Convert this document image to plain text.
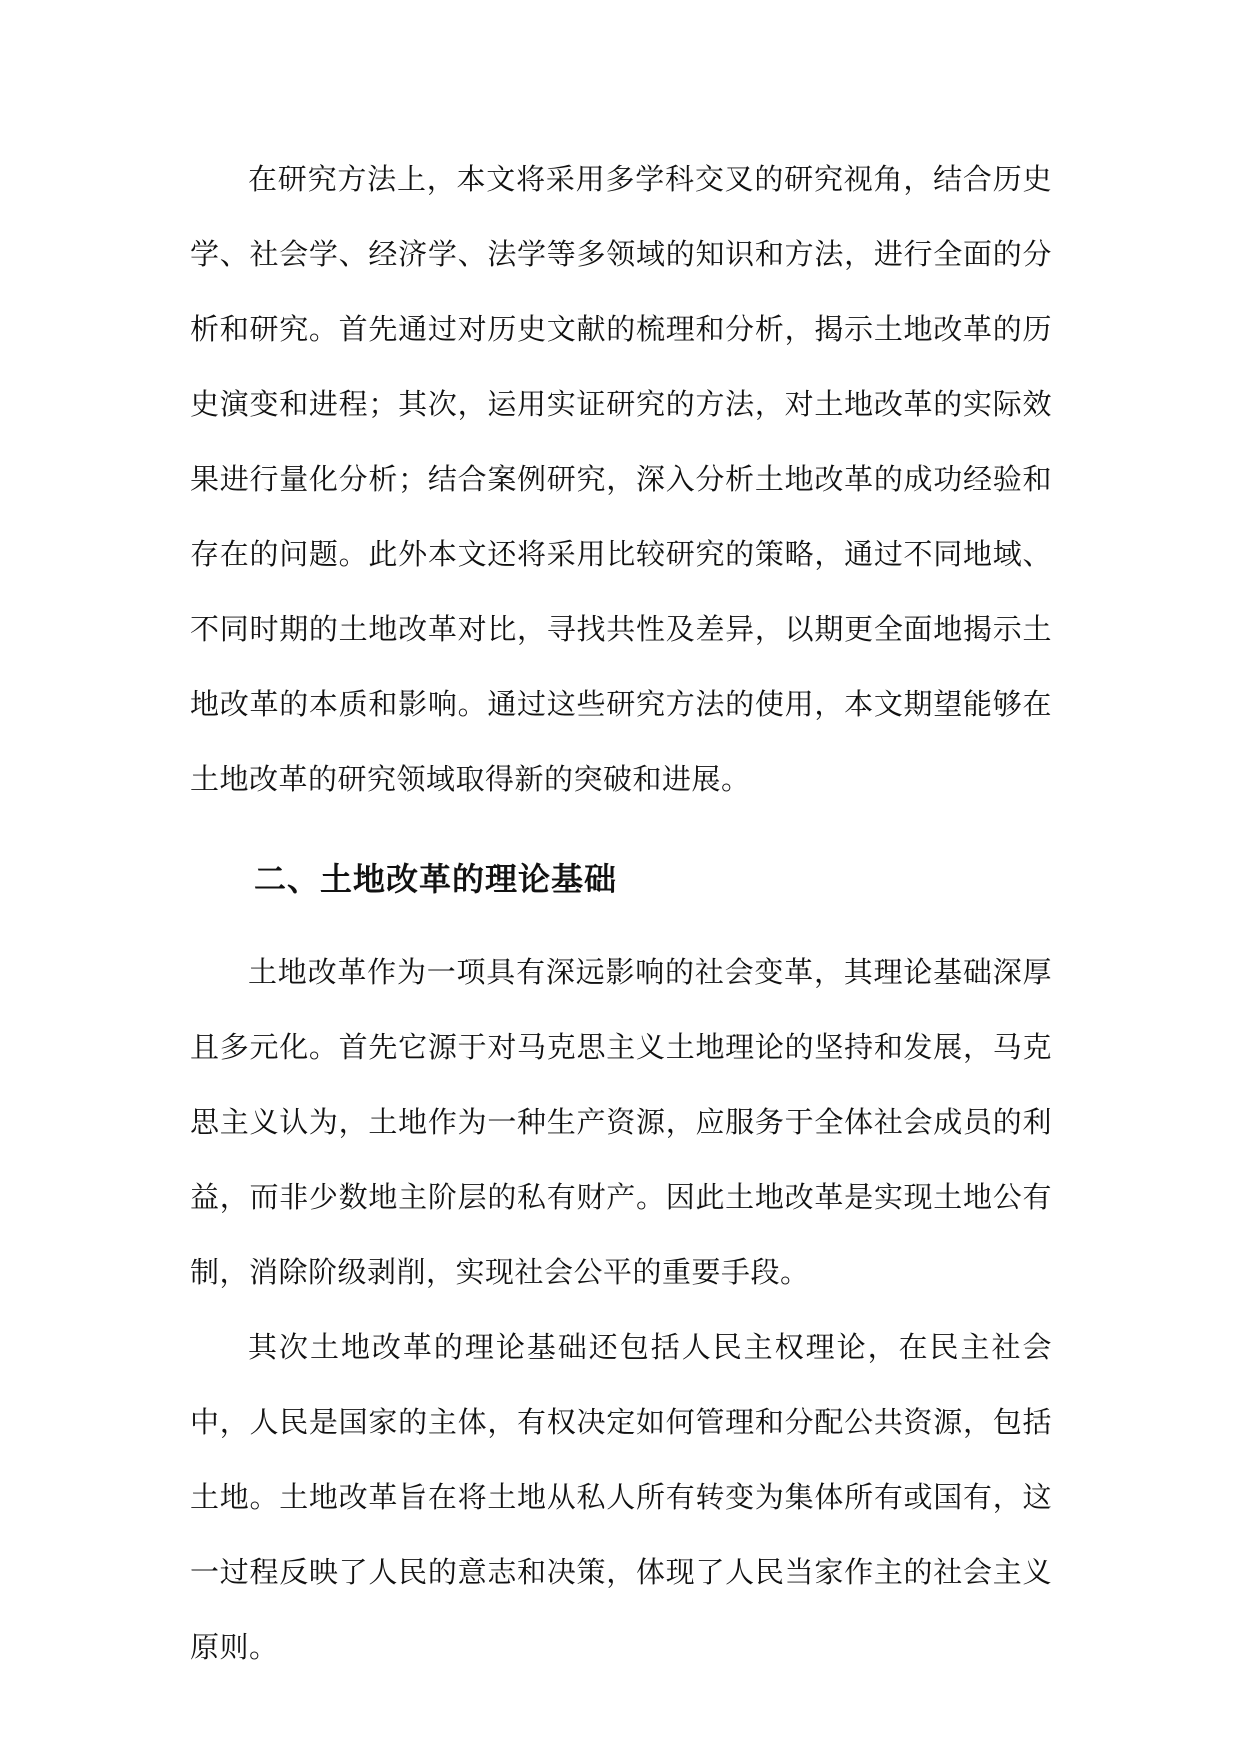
在研究方法上，本文将采用多学科交叉的研究视角，结合历史学、社会学、经济学、法学等多领域的知识和方法，进行全面的分析和研究。首先通过对历史文献的梳理和分析，揭示土地改革的历史演变和进程；其次，运用实证研究的方法，对土地改革的实际效果进行量化分析；结合案例研究，深入分析土地改革的成功经验和存在的问题。此外本文还将采用比较研究的策略，通过不同地域、不同时期的土地改革对比，寻找共性及差异，以期更全面地揭示土地改革的本质和影响。通过这些研究方法的使用，本文期望能够在土地改革的研究领域取得新的突破和进展。

二、土地改革的理论基础

土地改革作为一项具有深远影响的社会变革，其理论基础深厚且多元化。首先它源于对马克思主义土地理论的坚持和发展，马克思主义认为，土地作为一种生产资源，应服务于全体社会成员的利益，而非少数地主阶层的私有财产。因此土地改革是实现土地公有制，消除阶级剥削，实现社会公平的重要手段。

其次土地改革的理论基础还包括人民主权理论，在民主社会中，人民是国家的主体，有权决定如何管理和分配公共资源，包括土地。土地改革旨在将土地从私人所有转变为集体所有或国有，这一过程反映了人民的意志和决策，体现了人民当家作主的社会主义原则。
